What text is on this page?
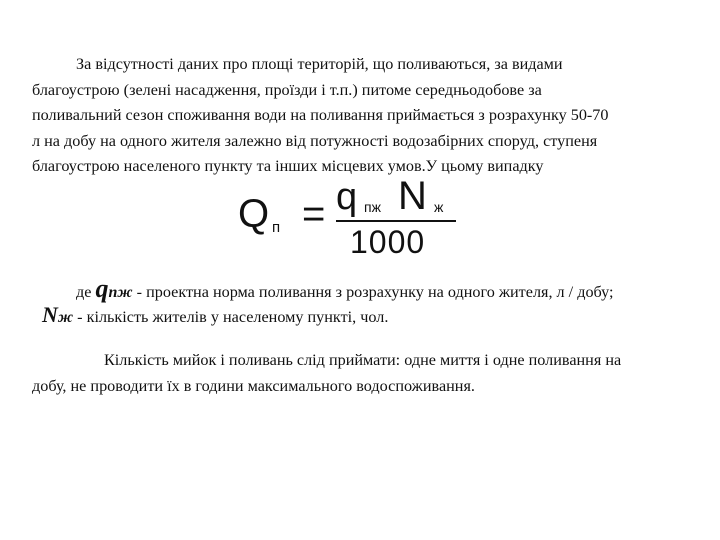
За відсутності даних про площі територій, що поливаються, за видами
благоустрою (зелені насадження, проїзди і т.п.) питоме середньодобове за
поливальний сезон споживання води на поливання приймається з розрахунку 50-70
л на добу на одного жителя залежно від потужності водозабірних споруд, ступеня
благоустрою населеного пункту та інших місцевих умов.У цьому випадку
Q п = q пж N ж
1000
де qпж - проектна норма поливання з розрахунку на одного жителя, л / добу;
Nж - кількість жителів у населеному пункті, чол.
Кількість мийок і поливань слід приймати: одне миття і одне поливання на
добу, не проводити їх в години максимального водоспоживання.
